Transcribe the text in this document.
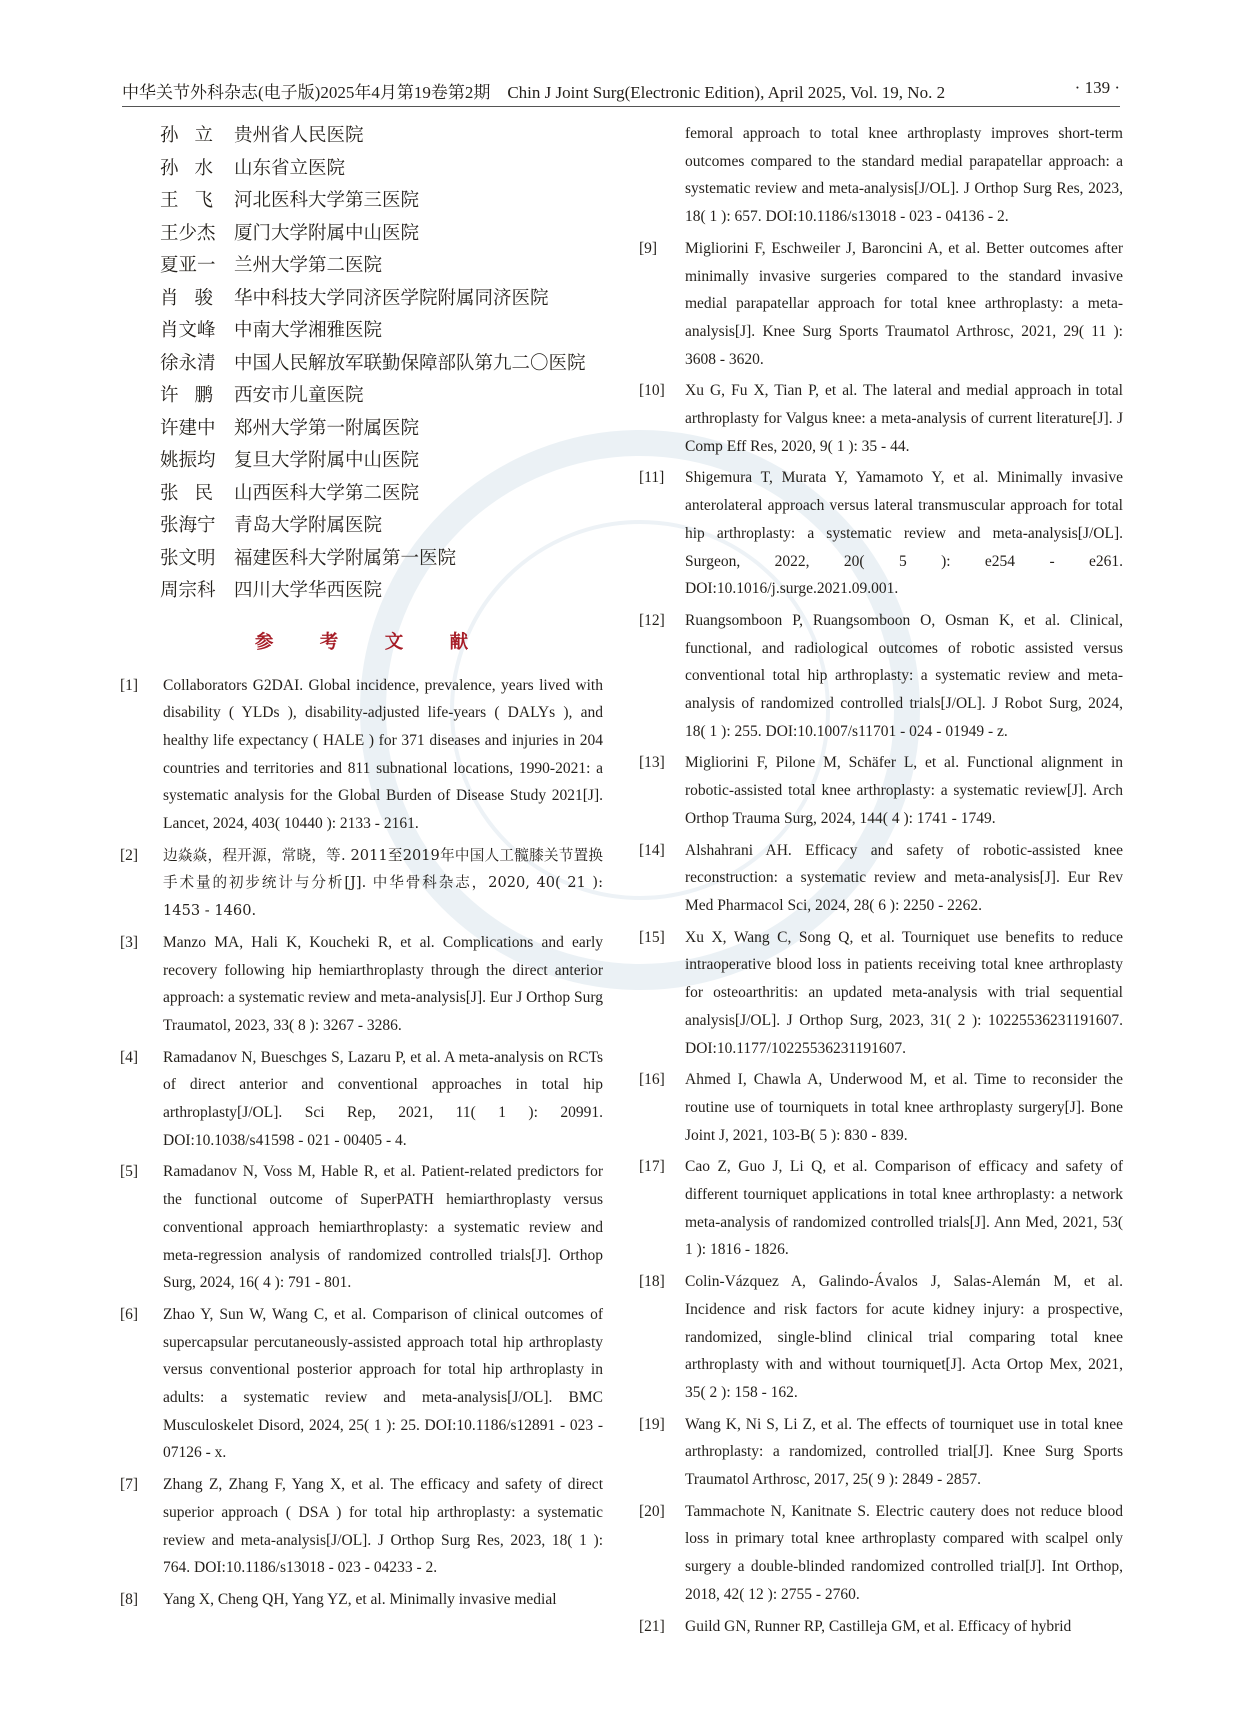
中华关节外科杂志(电子版)2025年4月第19卷第2期　Chin J Joint Surg(Electronic Edition), April 2025, Vol. 19, No. 2	· 139 ·
孙立 贵州省人民医院
孙水 山东省立医院
王飞 河北医科大学第三医院
王少杰 厦门大学附属中山医院
夏亚一 兰州大学第二医院
肖骏 华中科技大学同济医学院附属同济医院
肖文峰 中南大学湘雅医院
徐永清 中国人民解放军联勤保障部队第九二〇医院
许鹏 西安市儿童医院
许建中 郑州大学第一附属医院
姚振均 复旦大学附属中山医院
张民 山西医科大学第二医院
张海宁 青岛大学附属医院
张文明 福建医科大学附属第一医院
周宗科 四川大学华西医院
参 考 文 献
[1]	Collaborators G2DAI. Global incidence, prevalence, years lived with disability ( YLDs ), disability-adjusted life-years ( DALYs ), and healthy life expectancy ( HALE ) for 371 diseases and injuries in 204 countries and territories and 811 subnational locations, 1990-2021: a systematic analysis for the Global Burden of Disease Study 2021[J]. Lancet, 2024, 403( 10440 ): 2133 - 2161.
[2]	边焱焱，程开源，常晓，等. 2011至2019年中国人工髋膝关节置换手术量的初步统计与分析[J]. 中华骨科杂志，2020, 40( 21 ): 1453 - 1460.
[3]	Manzo MA, Hali K, Koucheki R, et al. Complications and early recovery following hip hemiarthroplasty through the direct anterior approach: a systematic review and meta-analysis[J]. Eur J Orthop Surg Traumatol, 2023, 33( 8 ): 3267 - 3286.
[4]	Ramadanov N, Bueschges S, Lazaru P, et al. A meta-analysis on RCTs of direct anterior and conventional approaches in total hip arthroplasty[J/OL]. Sci Rep, 2021, 11( 1 ): 20991. DOI:10.1038/s41598 - 021 - 00405 - 4.
[5]	Ramadanov N, Voss M, Hable R, et al. Patient-related predictors for the functional outcome of SuperPATH hemiarthroplasty versus conventional approach hemiarthroplasty: a systematic review and meta-regression analysis of randomized controlled trials[J]. Orthop Surg, 2024, 16( 4 ): 791 - 801.
[6]	Zhao Y, Sun W, Wang C, et al. Comparison of clinical outcomes of supercapsular percutaneously-assisted approach total hip arthroplasty versus conventional posterior approach for total hip arthroplasty in adults: a systematic review and meta-analysis[J/OL]. BMC Musculoskelet Disord, 2024, 25( 1 ): 25. DOI:10.1186/s12891 - 023 - 07126 - x.
[7]	Zhang Z, Zhang F, Yang X, et al. The efficacy and safety of direct superior approach ( DSA ) for total hip arthroplasty: a systematic review and meta-analysis[J/OL]. J Orthop Surg Res, 2023, 18( 1 ): 764. DOI:10.1186/s13018 - 023 - 04233 - 2.
[8]	Yang X, Cheng QH, Yang YZ, et al. Minimally invasive medial
femoral approach to total knee arthroplasty improves short-term outcomes compared to the standard medial parapatellar approach: a systematic review and meta-analysis[J/OL]. J Orthop Surg Res, 2023, 18( 1 ): 657. DOI:10.1186/s13018 - 023 - 04136 - 2.
[9]	Migliorini F, Eschweiler J, Baroncini A, et al. Better outcomes after minimally invasive surgeries compared to the standard invasive medial parapatellar approach for total knee arthroplasty: a meta-analysis[J]. Knee Surg Sports Traumatol Arthrosc, 2021, 29( 11 ): 3608 - 3620.
[10]	Xu G, Fu X, Tian P, et al. The lateral and medial approach in total arthroplasty for Valgus knee: a meta-analysis of current literature[J]. J Comp Eff Res, 2020, 9( 1 ): 35 - 44.
[11]	Shigemura T, Murata Y, Yamamoto Y, et al. Minimally invasive anterolateral approach versus lateral transmuscular approach for total hip arthroplasty: a systematic review and meta-analysis[J/OL]. Surgeon, 2022, 20( 5 ): e254 - e261. DOI:10.1016/j.surge.2021.09.001.
[12]	Ruangsomboon P, Ruangsomboon O, Osman K, et al. Clinical, functional, and radiological outcomes of robotic assisted versus conventional total hip arthroplasty: a systematic review and meta-analysis of randomized controlled trials[J/OL]. J Robot Surg, 2024, 18( 1 ): 255. DOI:10.1007/s11701 - 024 - 01949 - z.
[13]	Migliorini F, Pilone M, Schäfer L, et al. Functional alignment in robotic-assisted total knee arthroplasty: a systematic review[J]. Arch Orthop Trauma Surg, 2024, 144( 4 ): 1741 - 1749.
[14]	Alshahrani AH. Efficacy and safety of robotic-assisted knee reconstruction: a systematic review and meta-analysis[J]. Eur Rev Med Pharmacol Sci, 2024, 28( 6 ): 2250 - 2262.
[15]	Xu X, Wang C, Song Q, et al. Tourniquet use benefits to reduce intraoperative blood loss in patients receiving total knee arthroplasty for osteoarthritis: an updated meta-analysis with trial sequential analysis[J/OL]. J Orthop Surg, 2023, 31( 2 ): 10225536231191607. DOI:10.1177/10225536231191607.
[16]	Ahmed I, Chawla A, Underwood M, et al. Time to reconsider the routine use of tourniquets in total knee arthroplasty surgery[J]. Bone Joint J, 2021, 103-B( 5 ): 830 - 839.
[17]	Cao Z, Guo J, Li Q, et al. Comparison of efficacy and safety of different tourniquet applications in total knee arthroplasty: a network meta-analysis of randomized controlled trials[J]. Ann Med, 2021, 53( 1 ): 1816 - 1826.
[18]	Colin-Vázquez A, Galindo-Ávalos J, Salas-Alemán M, et al. Incidence and risk factors for acute kidney injury: a prospective, randomized, single-blind clinical trial comparing total knee arthroplasty with and without tourniquet[J]. Acta Ortop Mex, 2021, 35( 2 ): 158 - 162.
[19]	Wang K, Ni S, Li Z, et al. The effects of tourniquet use in total knee arthroplasty: a randomized, controlled trial[J]. Knee Surg Sports Traumatol Arthrosc, 2017, 25( 9 ): 2849 - 2857.
[20]	Tammachote N, Kanitnate S. Electric cautery does not reduce blood loss in primary total knee arthroplasty compared with scalpel only surgery a double-blinded randomized controlled trial[J]. Int Orthop, 2018, 42( 12 ): 2755 - 2760.
[21]	Guild GN, Runner RP, Castilleja GM, et al. Efficacy of hybrid
